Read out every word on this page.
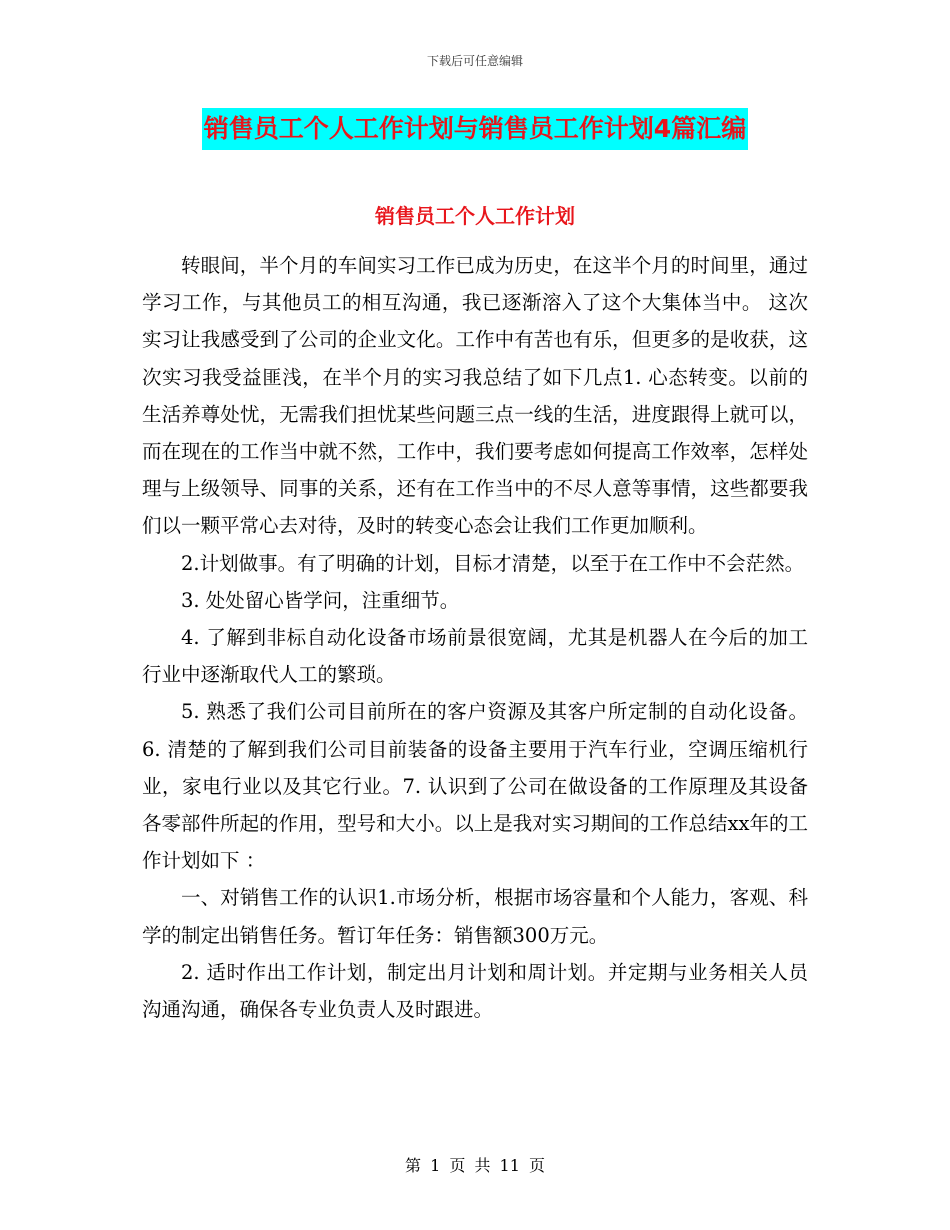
下载后可任意编辑
销售员工个人工作计划与销售员工作计划4篇汇编
销售员工个人工作计划

转眼间，半个月的车间实习工作已成为历史，在这半个月的时间里，通过学习工作，与其他员工的相互沟通，我已逐渐溶入了这个大集体当中。 这次实习让我感受到了公司的企业文化。工作中有苦也有乐，但更多的是收获，这次实习我受益匪浅，在半个月的实习我总结了如下几点1. 心态转变。以前的生活养尊处忧，无需我们担忧某些问题三点一线的生活，进度跟得上就可以，而在现在的工作当中就不然，工作中，我们要考虑如何提高工作效率，怎样处理与上级领导、同事的关系，还有在工作当中的不尽人意等事情，这些都要我们以一颗平常心去对待，及时的转变心态会让我们工作更加顺利。

2.计划做事。有了明确的计划，目标才清楚，以至于在工作中不会茫然。

3. 处处留心皆学问，注重细节。

4. 了解到非标自动化设备市场前景很宽阔，尤其是机器人在今后的加工行业中逐渐取代人工的繁琐。

5. 熟悉了我们公司目前所在的客户资源及其客户所定制的自动化设备。6. 清楚的了解到我们公司目前装备的设备主要用于汽车行业，空调压缩机行业，家电行业以及其它行业。7. 认识到了公司在做设备的工作原理及其设备各零部件所起的作用，型号和大小。以上是我对实习期间的工作总结xx年的工作计划如下 ：

一、对销售工作的认识1.市场分析，根据市场容量和个人能力，客观、科学的制定出销售任务。暂订年任务：销售额300万元。

2. 适时作出工作计划，制定出月计划和周计划。并定期与业务相关人员沟通沟通，确保各专业负责人及时跟进。

第 1 页 共 11 页
